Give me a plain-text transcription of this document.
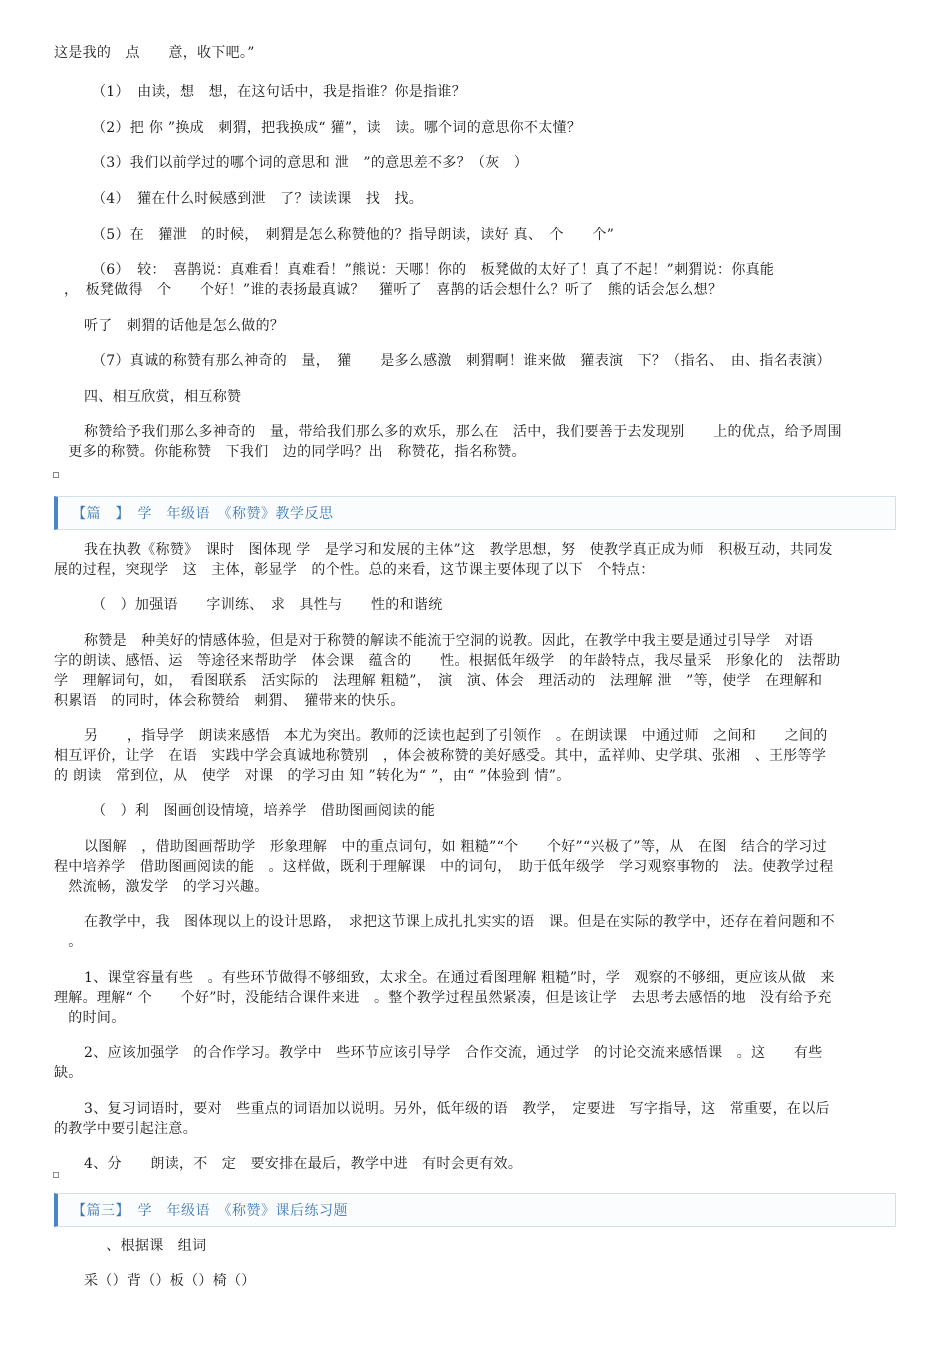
这是我的　点　　意，收下吧。”
（1）　由读，想　想，在这句话中，我是指谁？你是指谁？
（2）把 你 ”换成　刺猬，把我换成“ 獾”，读　读。哪个词的意思你不太懂？
（3）我们以前学过的哪个词的意思和 泄　”的意思差不多？（灰　）
（4）　獾在什么时候感到泄　了？读读课　找　找。
（5）在　獾泄　的时候，　刺猬是怎么称赞他的？指导朗读，读好 真、　个　　个”
（6）　较：　喜鹊说：真难看！真难看！”熊说：天哪！你的　板凳做的太好了！真了不起！”刺猬说：你真能
，　板凳做得　个　　个好！”谁的表扬最真诚？　獾听了　喜鹊的话会想什么？听了　熊的话会怎么想？
听了　刺猬的话他是怎么做的？
（7）真诚的称赞有那么神奇的　量，　獾　　是多么感激　刺猬啊！谁来做　獾表演　下？（指名、　由、指名表演）
四、相互欣赏，相互称赞
称赞给予我们那么多神奇的　量，带给我们那么多的欢乐，那么在　活中，我们要善于去发现别　　上的优点，给予周围
　更多的称赞。你能称赞　下我们　边的同学吗？出　称赞花，指名称赞。
【篇　】　学　年级语　《称赞》教学反思
我在执教《称赞》　课时　图体现 学　是学习和发展的主体”这　教学思想，努　使教学真正成为师　积极互动，共同发
展的过程，突现学　这　主体，彰显学　的个性。总的来看，这节课主要体现了以下　个特点：
（　）加强语　　字训练、　求　具性与　　性的和谐统
称赞是　种美好的情感体验，但是对于称赞的解读不能流于空洞的说教。因此，在教学中我主要是通过引导学　对语
字的朗读、感悟、运　等途径来帮助学　体会课　蕴含的　　性。根据低年级学　的年龄特点，我尽量采　形象化的　法帮助
学　理解词句，如，　看图联系　活实际的　法理解 粗糙”，　演　演、体会　理活动的　法理解 泄　”等，使学　在理解和
积累语　的同时，体会称赞给　刺猬、　獾带来的快乐。
另　　，指导学　朗读来感悟　本尤为突出。教师的泛读也起到了引领作　。在朗读课　中通过师　之间和　　之间的
相互评价，让学　在语　实践中学会真诚地称赞别　，体会被称赞的美好感受。其中，孟祥帅、史学琪、张湘　、王彤等学
的 朗读　常到位，从　使学　对课　的学习由 知 ”转化为“ ”，由“ ”体验到 情”。
（　）利　图画创设情境，培养学　借助图画阅读的能
以图解　，借助图画帮助学　形象理解　中的重点词句，如 粗糙”“个　　个好”“兴极了”等，从　在图　结合的学习过
程中培养学　借助图画阅读的能　。这样做，既利于理解课　中的词句，　助于低年级学　学习观察事物的　法。使教学过程
　然流畅，激发学　的学习兴趣。
在教学中，我　图体现以上的设计思路，　求把这节课上成扎扎实实的语　课。但是在实际的教学中，还存在着问题和不
　。
1、课堂容量有些　。有些环节做得不够细致，太求全。在通过看图理解 粗糙”时，学　观察的不够细，更应该从做　来
理解。理解“ 个　　个好”时，没能结合课件来进　。整个教学过程虽然紧凑，但是该让学　去思考去感悟的地　没有给予充
　的时间。
2、应该加强学　的合作学习。教学中　些环节应该引导学　合作交流，通过学　的讨论交流来感悟课　。这　　有些
缺。
3、复习词语时，要对　些重点的词语加以说明。另外，低年级的语　教学，　定要进　写字指导，这　常重要，在以后
的教学中要引起注意。
4、分　　朗读，不　定　要安排在最后，教学中进　有时会更有效。
【篇三】　学　年级语　《称赞》课后练习题
　、根据课　组词
采（）背（）板（）椅（）
